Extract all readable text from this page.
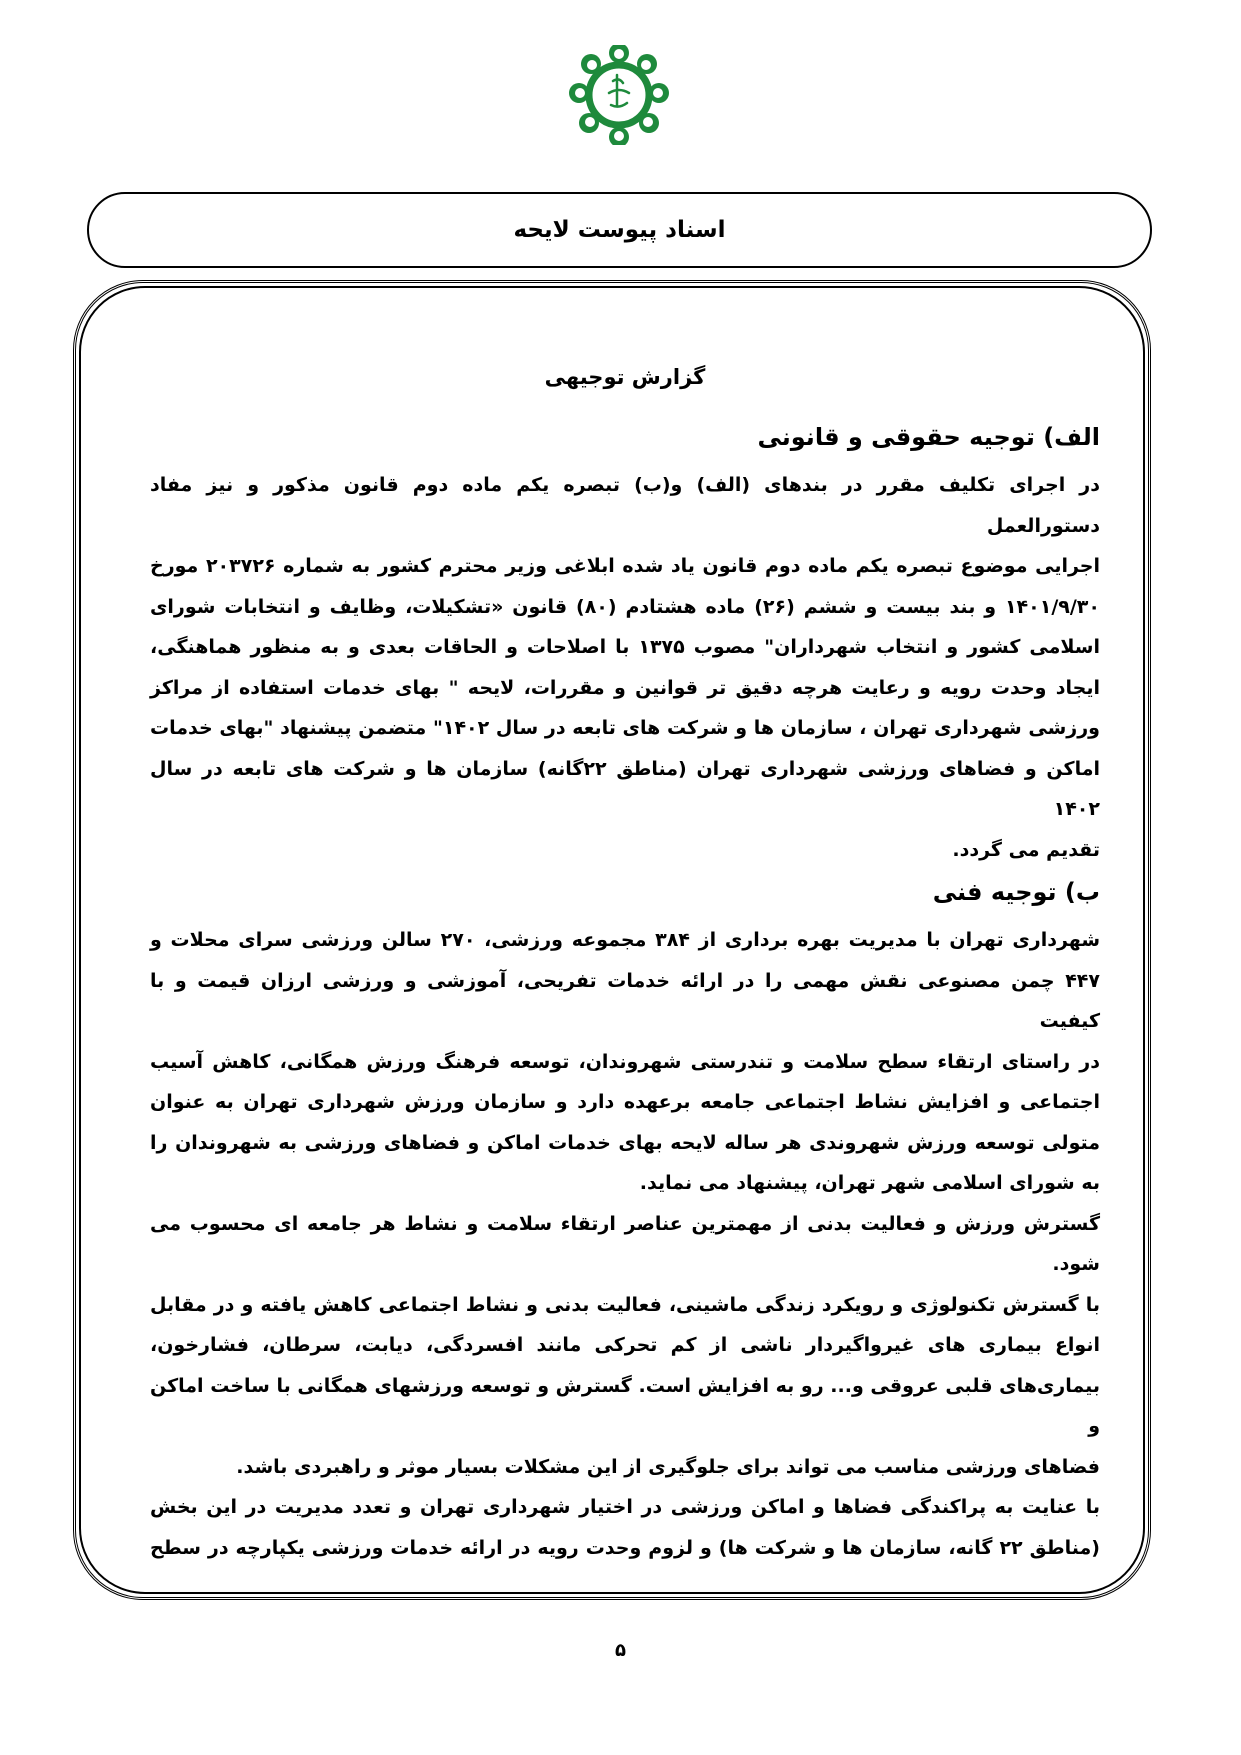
اسناد پیوست لایحه
گزارش توجیهی
الف) توجیه حقوقی و قانونی

در اجرای تکلیف مقرر در بندهای (الف) و(ب) تبصره یکم ماده دوم قانون مذکور و نیز مفاد دستورالعمل
اجرایی موضوع تبصره یکم ماده دوم قانون یاد شده ابلاغی وزیر محترم کشور به شماره ۲۰۳۷۲۶ مورخ
۱۴۰۱/۹/۳۰ و بند بیست و ششم (۲۶) ماده هشتادم (۸۰) قانون «تشکیلات، وظایف و انتخابات شورای
اسلامی کشور و انتخاب شهرداران" مصوب ۱۳۷۵ با اصلاحات و الحاقات بعدی و به منظور هماهنگی،
ایجاد وحدت رویه و رعایت هرچه دقیق تر قوانین و مقررات، لایحه " بهای خدمات استفاده از مراکز
ورزشی شهرداری تهران ، سازمان ها و شرکت های تابعه در سال ۱۴۰۲" متضمن پیشنهاد "بهای خدمات
اماکن و فضاهای ورزشی شهرداری تهران (مناطق ۲۲گانه) سازمان ها و شرکت های تابعه در سال ۱۴۰۲
تقدیم می گردد.

ب) توجیه فنی

شهرداری تهران با مدیریت بهره برداری از ۳۸۴ مجموعه ورزشی، ۲۷۰ سالن ورزشی سرای محلات و
۴۴۷ چمن مصنوعی نقش مهمی را در ارائه خدمات تفریحی، آموزشی و ورزشی ارزان قیمت و با کیفیت
در راستای ارتقاء سطح سلامت و تندرستی شهروندان، توسعه فرهنگ ورزش همگانی، کاهش آسیب
اجتماعی و افزایش نشاط اجتماعی جامعه برعهده دارد و سازمان ورزش شهرداری تهران به عنوان
متولی توسعه ورزش شهروندی هر ساله لایحه بهای خدمات اماکن و فضاهای ورزشی به شهروندان را
به شورای اسلامی شهر تهران، پیشنهاد می نماید.

گسترش ورزش و فعالیت بدنی از مهمترین عناصر ارتقاء سلامت و نشاط هر جامعه ای محسوب می شود.
با گسترش تکنولوژی و رویکرد زندگی ماشینی، فعالیت بدنی و نشاط اجتماعی کاهش یافته و در مقابل
انواع بیماری های غیرواگیردار ناشی از کم تحرکی مانند افسردگی، دیابت، سرطان، فشارخون،
بیماری‌های قلبی عروقی و... رو به افزایش است. گسترش و توسعه ورزشهای همگانی با ساخت اماکن و
فضاهای ورزشی مناسب می تواند برای جلوگیری از این مشکلات بسیار موثر و راهبردی باشد.

با عنایت به پراکندگی فضاها و اماکن ورزشی در اختیار شهرداری تهران و تعدد مدیریت در این بخش
(مناطق ۲۲ گانه، سازمان ها و شرکت ها) و لزوم وحدت رویه در ارائه خدمات ورزشی یکپارچه در سطح

۵
